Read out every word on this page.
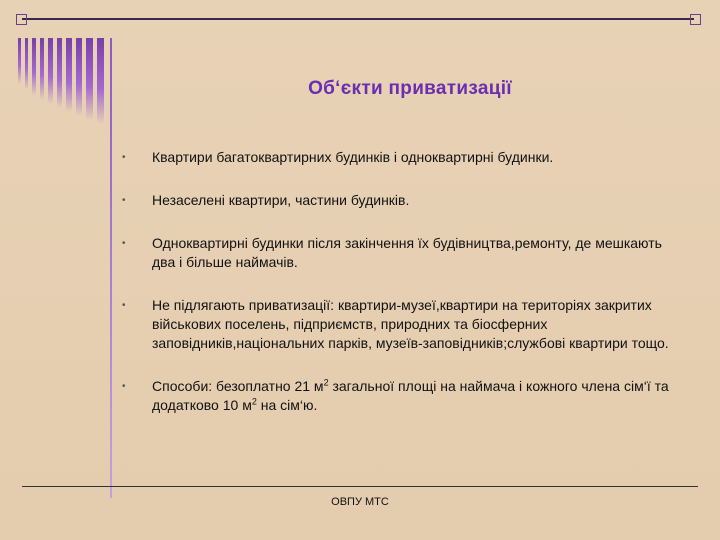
Об‘єкти приватизації
• Квартири багатоквартирних будинків і одноквартирні будинки.
• Незаселені квартири, частини будинків.
• Одноквартирні будинки після закінчення їх будівництва,ремонту, де мешкають два і більше наймачів.
• Не підлягають приватизації: квартири-музеї,квартири на територіях закритих військових поселень, підприємств, природних та біосферних заповідників,національних парків, музеїв-заповідників;службові квартири тощо.
• Способи: безоплатно 21 $м^2$ загальної площі на наймача і кожного члена сім‘ї та додатково 10 $м^2$ на сім‘ю.
ОВПУ МТС
